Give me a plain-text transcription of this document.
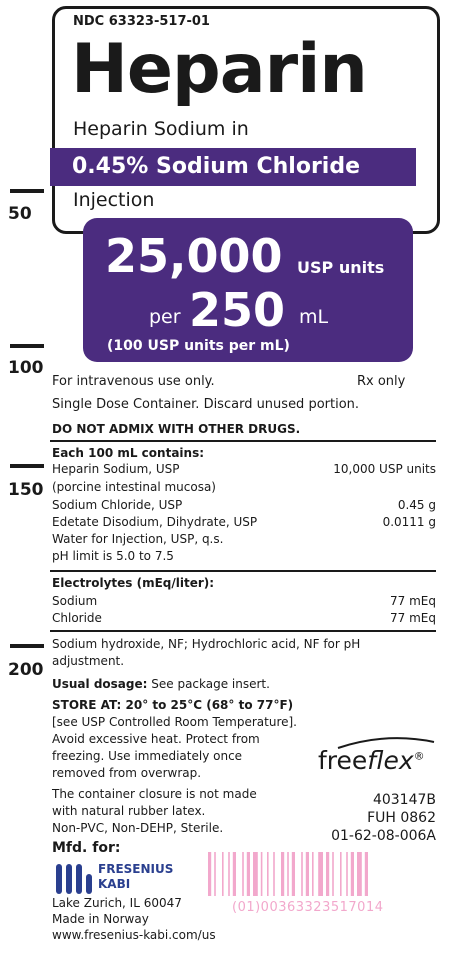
50
100
150
200
NDC 63323-517-01
Heparin
Heparin Sodium in
0.45% Sodium Chloride
Injection
25,000 USP units
per 250 mL
(100 USP units per mL)
For intravenous use only.	Rx only
Single Dose Container. Discard unused portion.
DO NOT ADMIX WITH OTHER DRUGS.
Each 100 mL contains:
Heparin Sodium, USP	10,000 USP units
(porcine intestinal mucosa)
Sodium Chloride, USP	0.45 g
Edetate Disodium, Dihydrate, USP	0.0111 g
Water for Injection, USP, q.s.
pH limit is 5.0 to 7.5
Electrolytes (mEq/liter):
Sodium	77 mEq
Chloride	77 mEq
Sodium hydroxide, NF; Hydrochloric acid, NF for pH
adjustment.
Usual dosage: See package insert.
STORE AT: 20° to 25°C (68° to 77°F)
[see USP Controlled Room Temperature].
Avoid excessive heat. Protect from
freezing. Use immediately once
removed from overwrap.
The container closure is not made
with natural rubber latex.
Non-PVC, Non-DEHP, Sterile.
freeflex®
403147B
FUH 0862
01-62-08-006A
Mfd. for:
FRESENIUS
KABI
Lake Zurich, IL 60047
Made in Norway
www.fresenius-kabi.com/us
(01)00363323517014
